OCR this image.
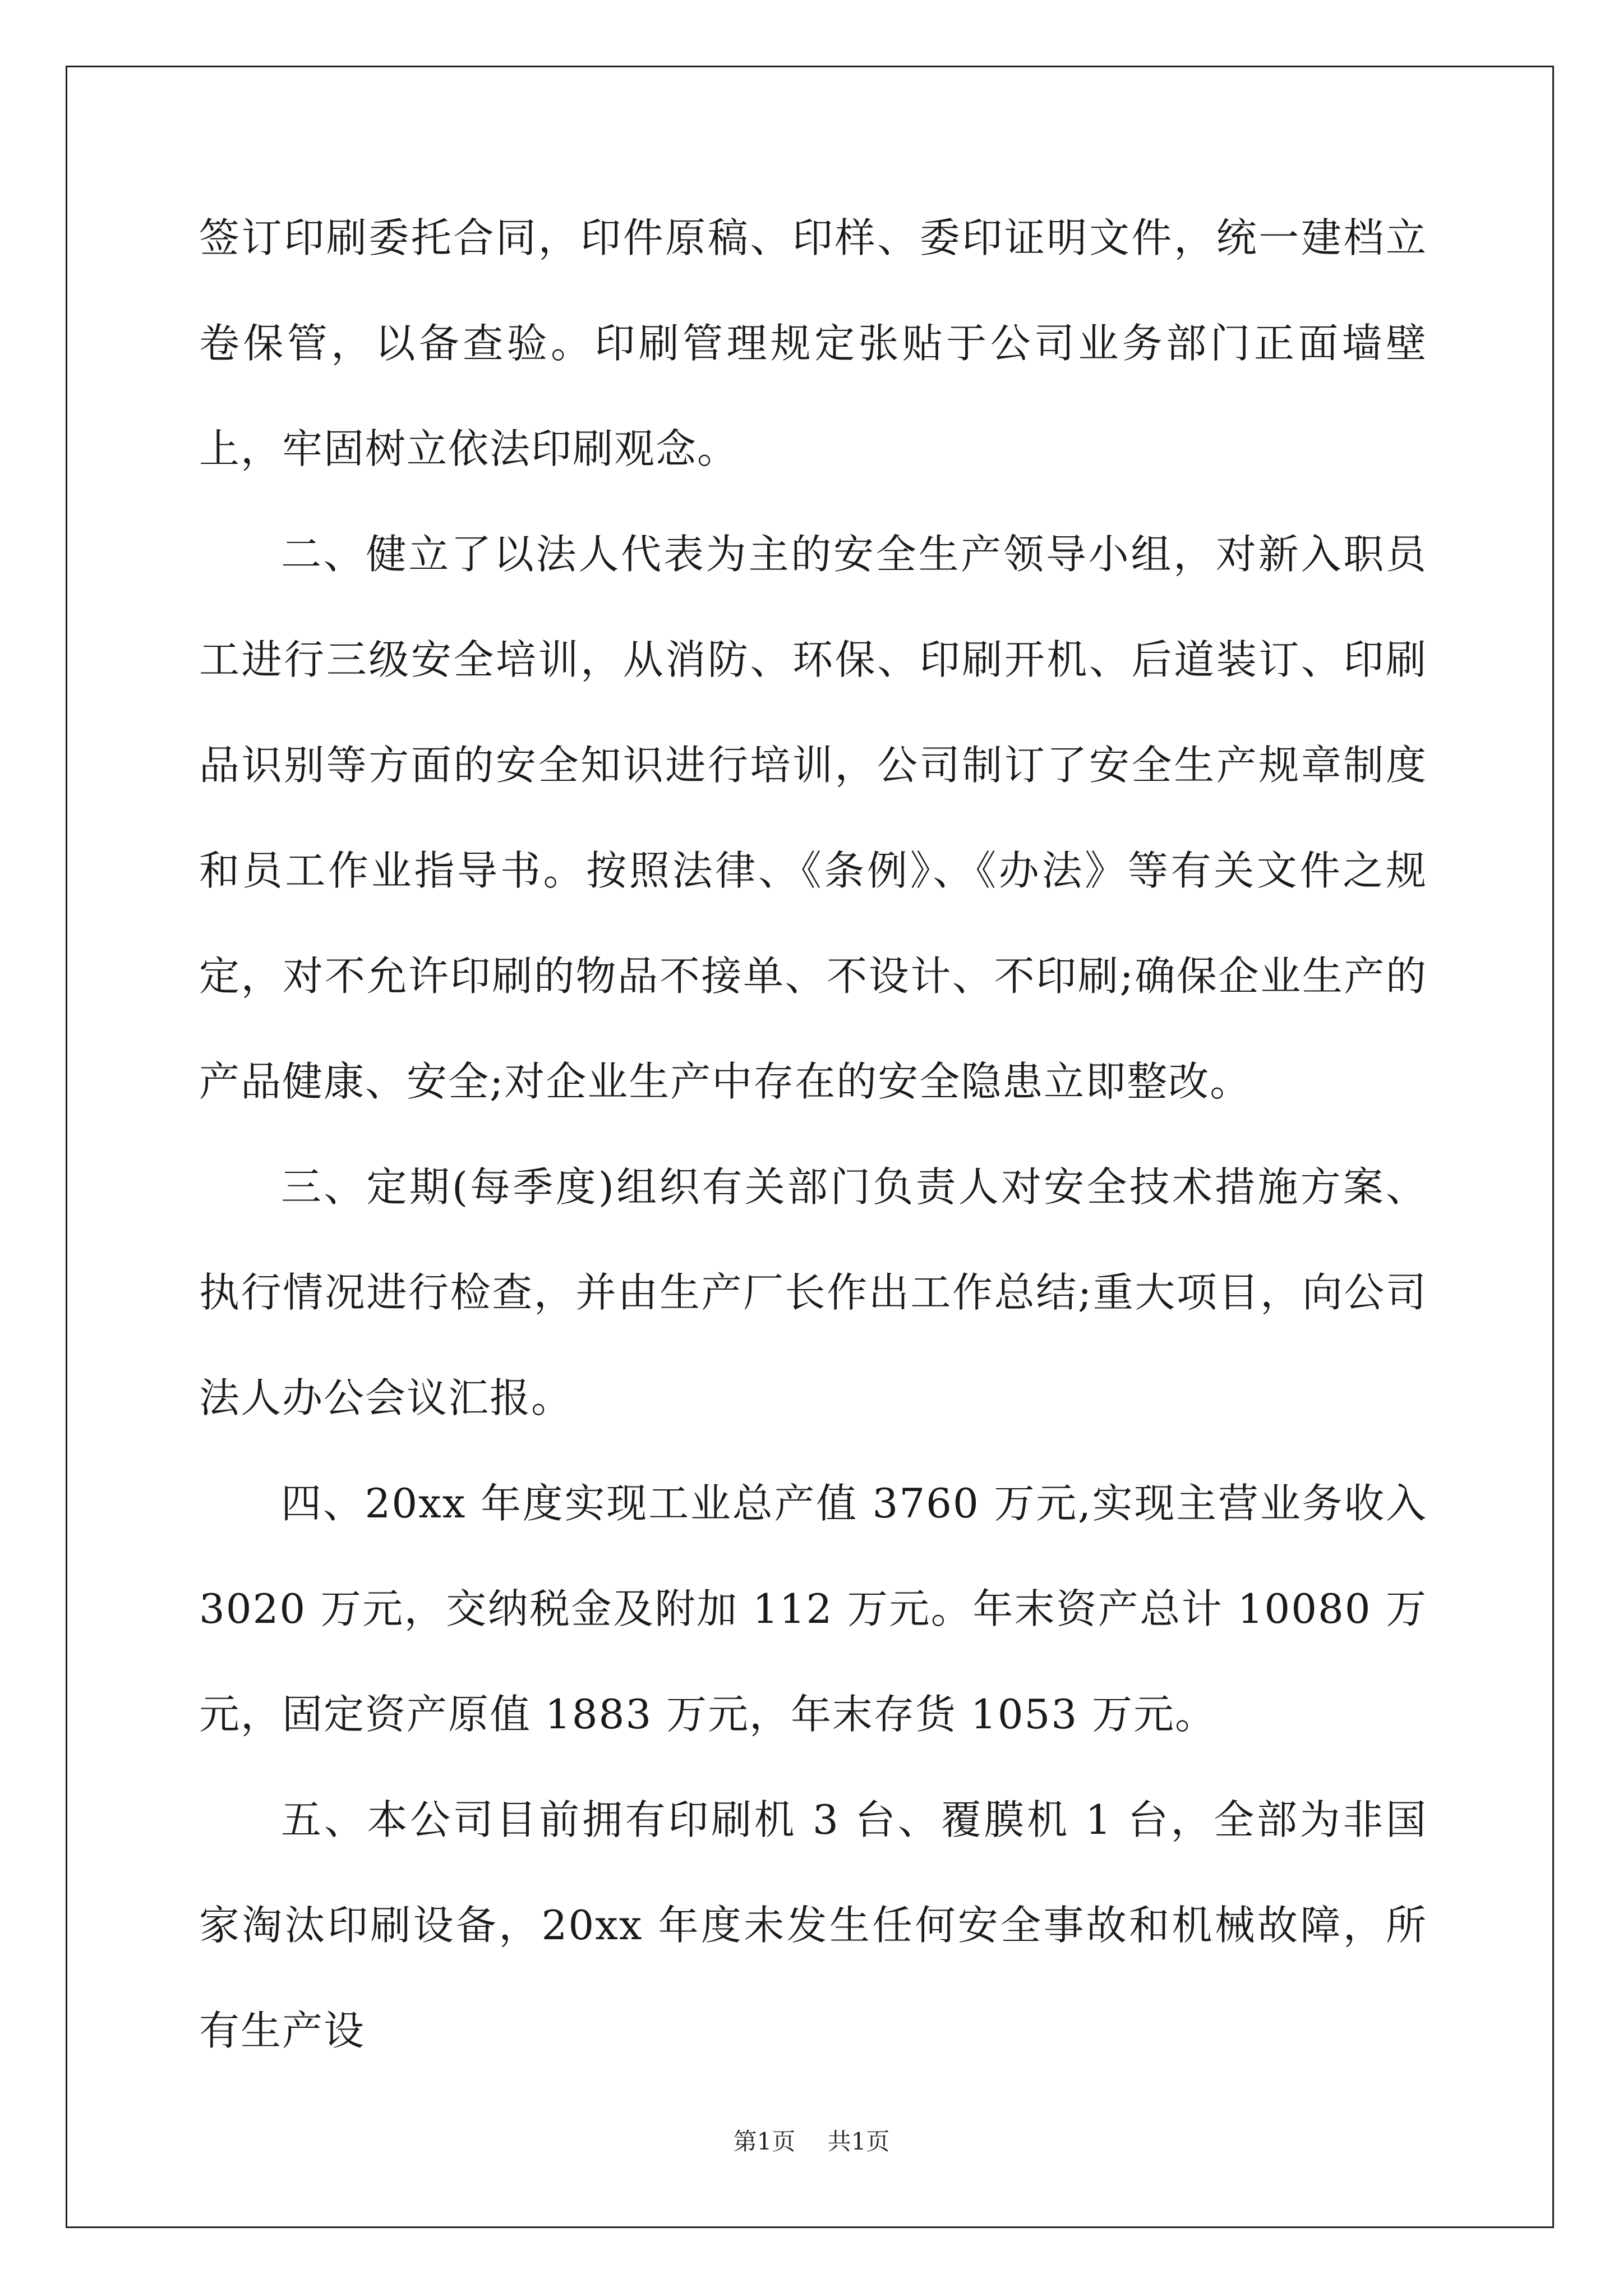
签订印刷委托合同，印件原稿、印样、委印证明文件，统一建档立卷保管，以备查验。印刷管理规定张贴于公司业务部门正面墙壁上，牢固树立依法印刷观念。

二、健立了以法人代表为主的安全生产领导小组，对新入职员工进行三级安全培训，从消防、环保、印刷开机、后道装订、印刷品识别等方面的安全知识进行培训，公司制订了安全生产规章制度和员工作业指导书。按照法律、《条例》、《办法》等有关文件之规定，对不允许印刷的物品不接单、不设计、不印刷;确保企业生产的产品健康、安全;对企业生产中存在的安全隐患立即整改。

三、定期(每季度)组织有关部门负责人对安全技术措施方案、执行情况进行检查，并由生产厂长作出工作总结;重大项目，向公司法人办公会议汇报。

四、20xx 年度实现工业总产值 3760 万元,实现主营业务收入 3020 万元，交纳税金及附加 112 万元。年末资产总计 10080 万元，固定资产原值 1883 万元，年末存货 1053 万元。

五、本公司目前拥有印刷机 3 台、覆膜机 1 台，全部为非国家淘汰印刷设备，20xx 年度未发生任何安全事故和机械故障，所有生产设

第1页 共1页
